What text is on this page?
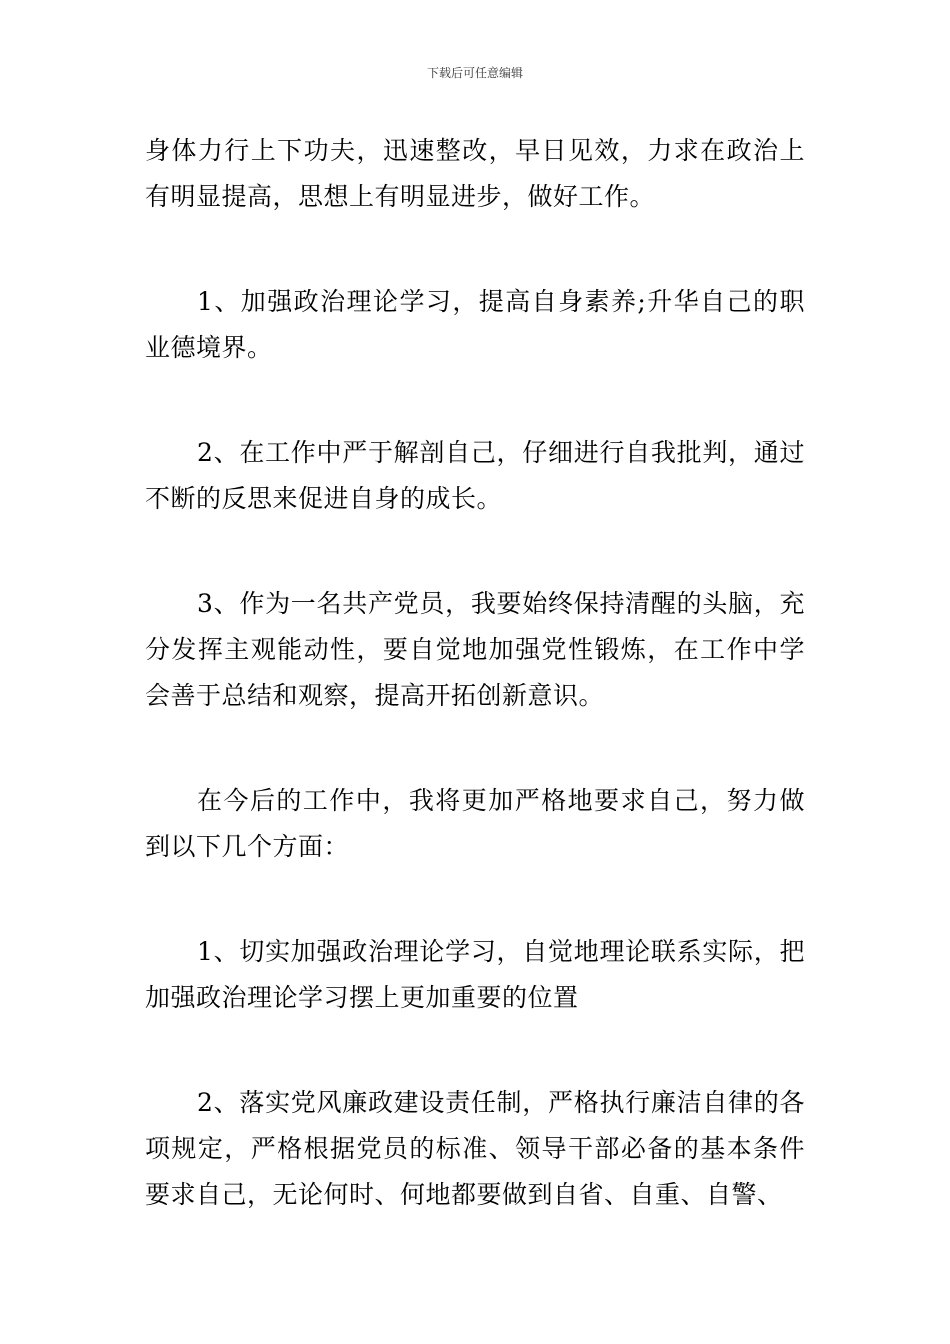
下载后可任意编辑

身体力行上下功夫，迅速整改，早日见效，力求在政治上有明显提高，思想上有明显进步，做好工作。

1、加强政治理论学习，提高自身素养;升华自己的职业德境界。

2、在工作中严于解剖自己，仔细进行自我批判，通过不断的反思来促进自身的成长。

3、作为一名共产党员，我要始终保持清醒的头脑，充分发挥主观能动性，要自觉地加强党性锻炼，在工作中学会善于总结和观察，提高开拓创新意识。

在今后的工作中，我将更加严格地要求自己，努力做到以下几个方面：

1、切实加强政治理论学习，自觉地理论联系实际，把加强政治理论学习摆上更加重要的位置

2、落实党风廉政建设责任制，严格执行廉洁自律的各项规定，严格根据党员的标准、领导干部必备的基本条件要求自己，无论何时、何地都要做到自省、自重、自警、
